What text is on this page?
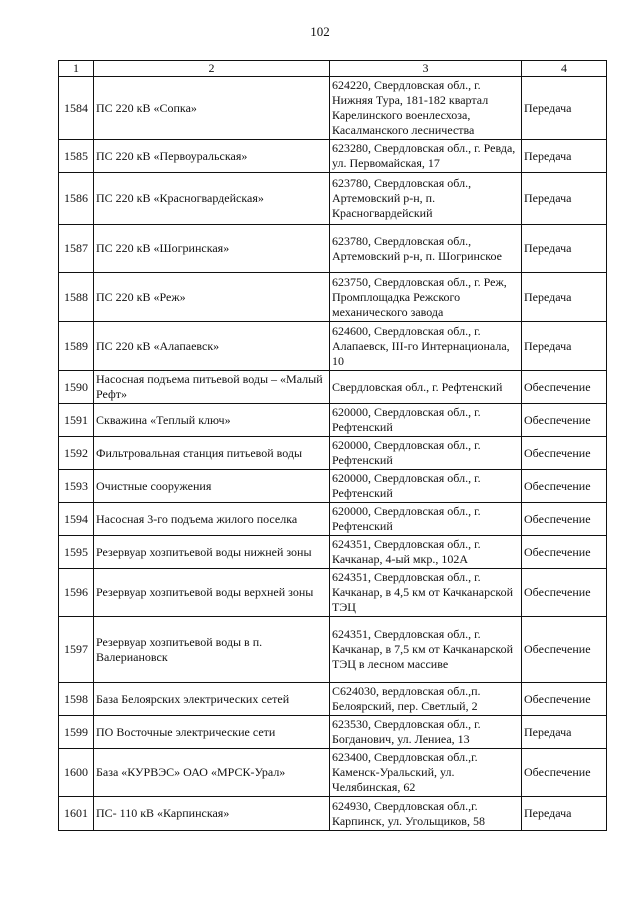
102
1	2	3	4
1584	ПС 220 кВ «Сопка»	624220, Свердловская обл., г. Нижняя Тура, 181-182 квартал Карелинского военлесхоза, Касалманского лесничества	Передача
1585	ПС 220 кВ «Первоуральская»	623280, Свердловская обл., г. Ревда, ул. Первомайская, 17	Передача
1586	ПС 220 кВ «Красногвардейская»	623780, Свердловская обл., Артемовский р-н, п. Красногвардейский	Передача
1587	ПС 220 кВ «Шогринская»	623780, Свердловская обл., Артемовский р-н, п. Шогринское	Передача
1588	ПС 220 кВ «Реж»	623750, Свердловская обл., г. Реж, Промплощадка Режского механического завода	Передача
1589	ПС 220 кВ «Алапаевск»	624600, Свердловская обл., г. Алапаевск, III-го Интернационала, 10	Передача
1590	Насосная подъема питьевой воды – «Малый Рефт»	Свердловская обл., г. Рефтенский	Обеспечение
1591	Скважина «Теплый ключ»	620000, Свердловская обл., г. Рефтенский	Обеспечение
1592	Фильтровальная станция питьевой воды	620000, Свердловская обл., г. Рефтенский	Обеспечение
1593	Очистные сооружения	620000, Свердловская обл., г. Рефтенский	Обеспечение
1594	Насосная 3-го подъема жилого поселка	620000, Свердловская обл., г. Рефтенский	Обеспечение
1595	Резервуар хозпитьевой воды нижней зоны	624351, Свердловская обл., г. Качканар, 4-ый мкр., 102А	Обеспечение
1596	Резервуар хозпитьевой воды верхней зоны	624351, Свердловская обл., г. Качканар, в 4,5 км от Качканарской ТЭЦ	Обеспечение
1597	Резервуар хозпитьевой воды в п. Валериановск	624351, Свердловская обл., г. Качканар, в 7,5 км от Качканарской ТЭЦ в лесном массиве	Обеспечение
1598	База Белоярских электрических сетей	С624030, вердловская обл.,п. Белоярский, пер. Светлый, 2	Обеспечение
1599	ПО Восточные электрические сети	623530, Свердловская обл., г. Богданович, ул. Лениеа, 13	Передача
1600	База «КУРВЭС» ОАО «МРСК-Урал»	623400, Свердловская обл.,г. Каменск-Уральский, ул. Челябинская, 62	Обеспечение
1601	ПС- 110 кВ «Карпинская»	624930, Свердловская обл.,г. Карпинск, ул. Угольщиков, 58	Передача
